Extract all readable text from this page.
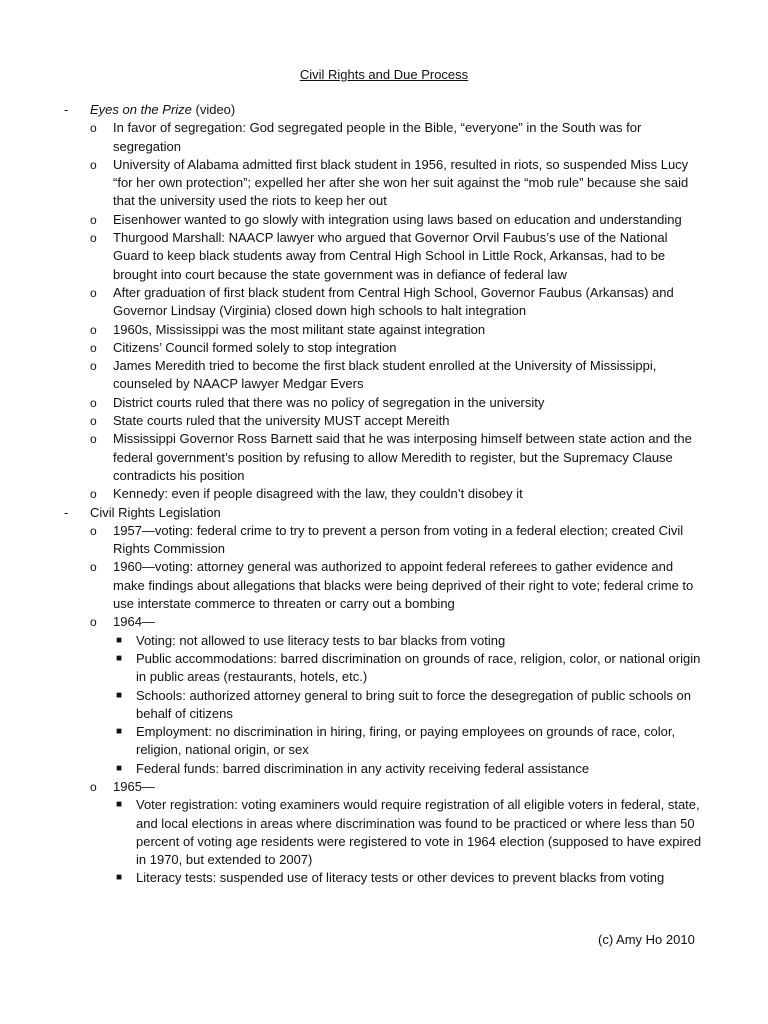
Civil Rights and Due Process
- Eyes on the Prize (video)
o In favor of segregation: God segregated people in the Bible, “everyone” in the South was for segregation
o University of Alabama admitted first black student in 1956, resulted in riots, so suspended Miss Lucy “for her own protection”; expelled her after she won her suit against the “mob rule” because she said that the university used the riots to keep her out
o Eisenhower wanted to go slowly with integration using laws based on education and understanding
o Thurgood Marshall: NAACP lawyer who argued that Governor Orvil Faubus’s use of the National Guard to keep black students away from Central High School in Little Rock, Arkansas, had to be brought into court because the state government was in defiance of federal law
o After graduation of first black student from Central High School, Governor Faubus (Arkansas) and Governor Lindsay (Virginia) closed down high schools to halt integration
o 1960s, Mississippi was the most militant state against integration
o Citizens’ Council formed solely to stop integration
o James Meredith tried to become the first black student enrolled at the University of Mississippi, counseled by NAACP lawyer Medgar Evers
o District courts ruled that there was no policy of segregation in the university
o State courts ruled that the university MUST accept Mereith
o Mississippi Governor Ross Barnett said that he was interposing himself between state action and the federal government’s position by refusing to allow Meredith to register, but the Supremacy Clause contradicts his position
o Kennedy: even if people disagreed with the law, they couldn’t disobey it
- Civil Rights Legislation
o 1957—voting: federal crime to try to prevent a person from voting in a federal election; created Civil Rights Commission
o 1960—voting: attorney general was authorized to appoint federal referees to gather evidence and make findings about allegations that blacks were being deprived of their right to vote; federal crime to use interstate commerce to threaten or carry out a bombing
o 1964—
■ Voting: not allowed to use literacy tests to bar blacks from voting
■ Public accommodations: barred discrimination on grounds of race, religion, color, or national origin in public areas (restaurants, hotels, etc.)
■ Schools: authorized attorney general to bring suit to force the desegregation of public schools on behalf of citizens
■ Employment: no discrimination in hiring, firing, or paying employees on grounds of race, color, religion, national origin, or sex
■ Federal funds: barred discrimination in any activity receiving federal assistance
o 1965—
■ Voter registration: voting examiners would require registration of all eligible voters in federal, state, and local elections in areas where discrimination was found to be practiced or where less than 50 percent of voting age residents were registered to vote in 1964 election (supposed to have expired in 1970, but extended to 2007)
■ Literacy tests: suspended use of literacy tests or other devices to prevent blacks from voting
(c) Amy Ho 2010
